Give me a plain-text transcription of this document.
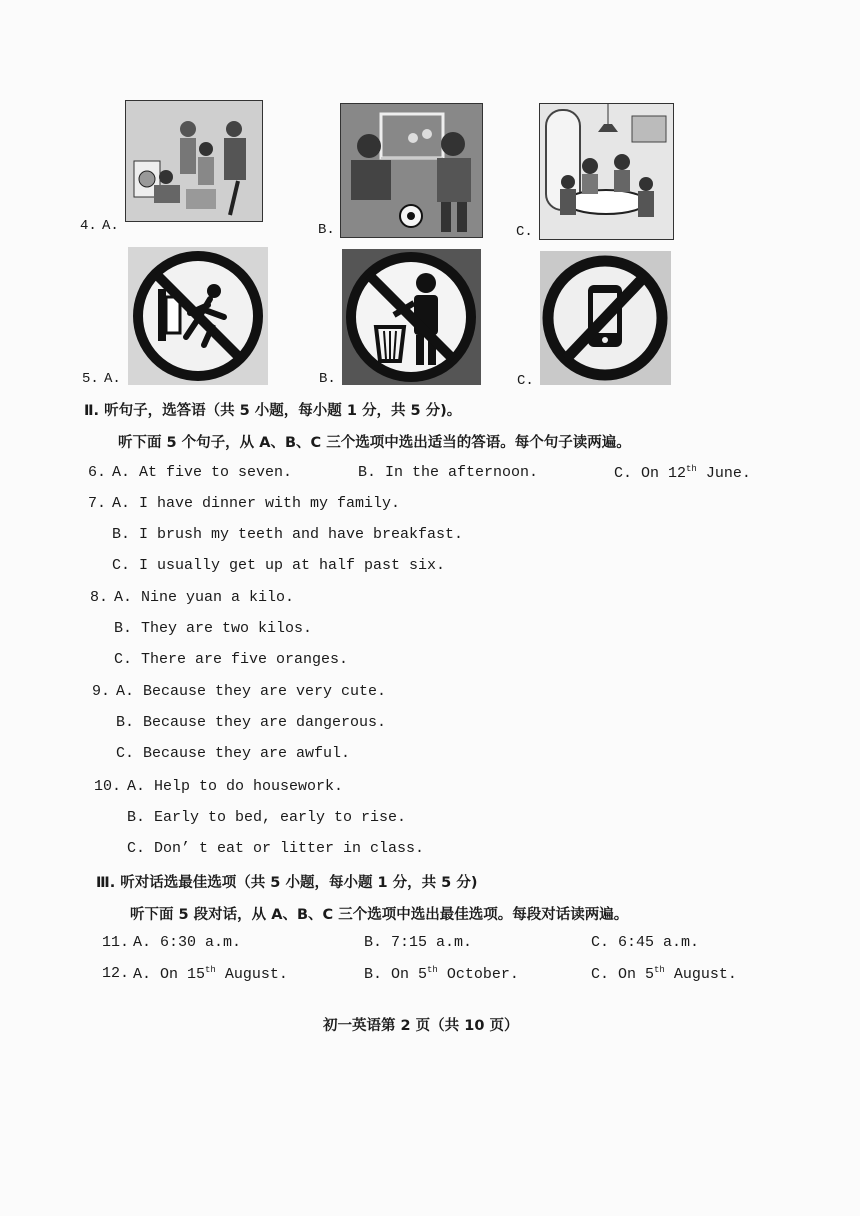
4. A.	B.	C.
5. A.	B.	C.
Ⅱ. 听句子，选答语（共 5 小题，每小题 1 分，共 5 分)。
听下面 5 个句子，从 A、B、C 三个选项中选出适当的答语。每个句子读两遍。
6. A. At five to seven.	B. In the afternoon.	C. On 12th June.
7. A. I have dinner with my family.
B. I brush my teeth and have breakfast.
C. I usually get up at half past six.
8. A. Nine yuan a kilo.
B. They are two kilos.
C. There are five oranges.
9. A. Because they are very cute.
B. Because they are dangerous.
C. Because they are awful.
10. A. Help to do housework.
B. Early to bed, early to rise.
C. Don’ t eat or litter in class.
Ⅲ. 听对话选最佳选项（共 5 小题，每小题 1 分，共 5 分)
听下面 5 段对话，从 A、B、C 三个选项中选出最佳选项。每段对话读两遍。
11. A. 6:30 a.m.	B. 7:15 a.m.	C. 6:45 a.m.
12. A. On 15th August.	B. On 5th October.	C. On 5th August.
初一英语第 2 页（共 10 页）
